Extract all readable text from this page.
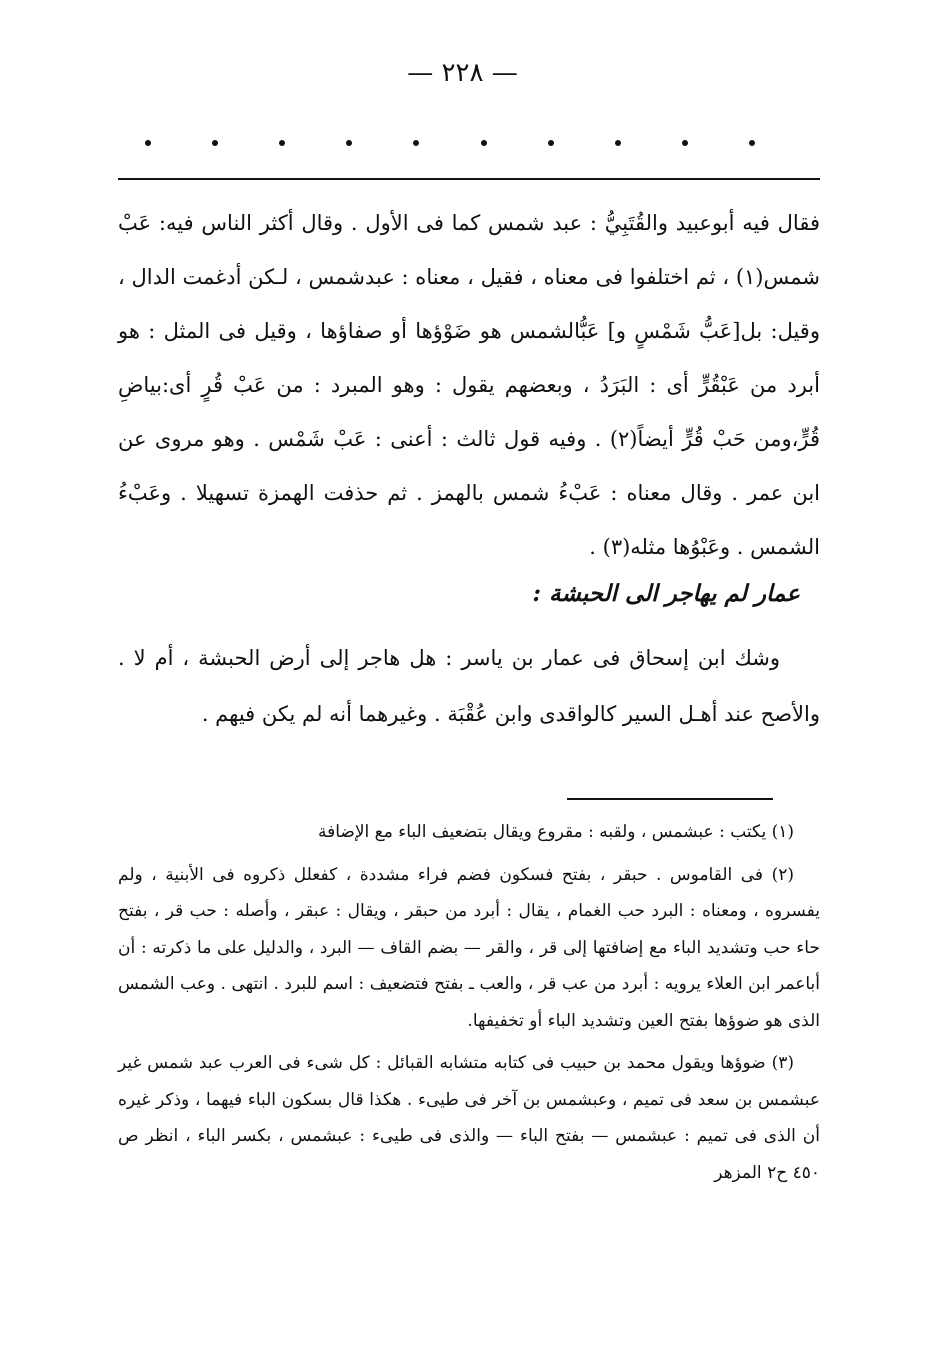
— ٢٢٨ —

فقال فيه أبوعبيد والقُتَبِيُّ : عبد شمس كما فى الأول . وقال أكثر الناس فيه: عَبْ شمس(١) ، ثم اختلفوا فى معناه ، فقيل ، معناه : عبدشمس ، لـكن أدغمت الدال ، وقيل: بل[عَبُّ شَمْسٍ و] عَبُّالشمس هو ضَوْؤها أو صفاؤها ، وقيل فى المثل : هو أبرد من عَبْقُرٍّ أى : البَرَدُ ، وبعضهم يقول : وهو المبرد : من عَبْ قُرٍ أى:بياضِ قُرٍّ،ومن حَبْ قُرٍّ أيضاً(٢) . وفيه قول ثالث : أعنى : عَبْ شَمْس . وهو مروى عن ابن عمر . وقال معناه : عَبْءُ شمس بالهمز . ثم حذفت الهمزة تسهيلا . وعَبْءُ الشمس . وعَبْوُها مثله(٣) .

عمار لم يهاجر الى الحبشة :

وشك ابن إسحاق فى عمار بن ياسر : هل هاجر إلى أرض الحبشة ، أم لا . والأصح عند أهـل السير كالواقدى وابن عُقْبَة . وغيرهما أنه لم يكن فيهم .

(١) يكتب : عبشمس ، ولقبه : مقروع ويقال بتضعيف الباء مع الإضافة

(٢) فى القاموس . حبقر ، بفتح فسكون فضم فراء مشددة ، كفعلل ذكروه فى الأبنية ، ولم يفسروه ، ومعناه : البرد حب الغمام ، يقال : أبرد من حبقر ، ويقال : عبقر ، وأصله : حب قر ، بفتح حاء حب وتشديد الباء مع إضافتها إلى قر ، والقر — بضم القاف — البرد ، والدليل على ما ذكرته : أن أباعمر ابن العلاء يرويه : أبرد من عب قر ، والعب ـ بفتح فتضعيف : اسم للبرد . انتهى . وعب الشمس الذى هو ضوؤها بفتح العين وتشديد الباء أو تخفيفها.

(٣) ضوؤها ويقول محمد بن حبيب فى كتابه متشابه القبائل : كل شىء فى العرب عبد شمس غير عبشمس بن سعد فى تميم ، وعبشمس بن آخر فى طيىء . هكذا قال بسكون الباء فيهما ، وذكر غيره أن الذى فى تميم : عبشمس — بفتح الباء — والذى فى طيىء : عبشمس ، بكسر الباء ، انظر ص ٤٥٠ ح٢ المزهر
